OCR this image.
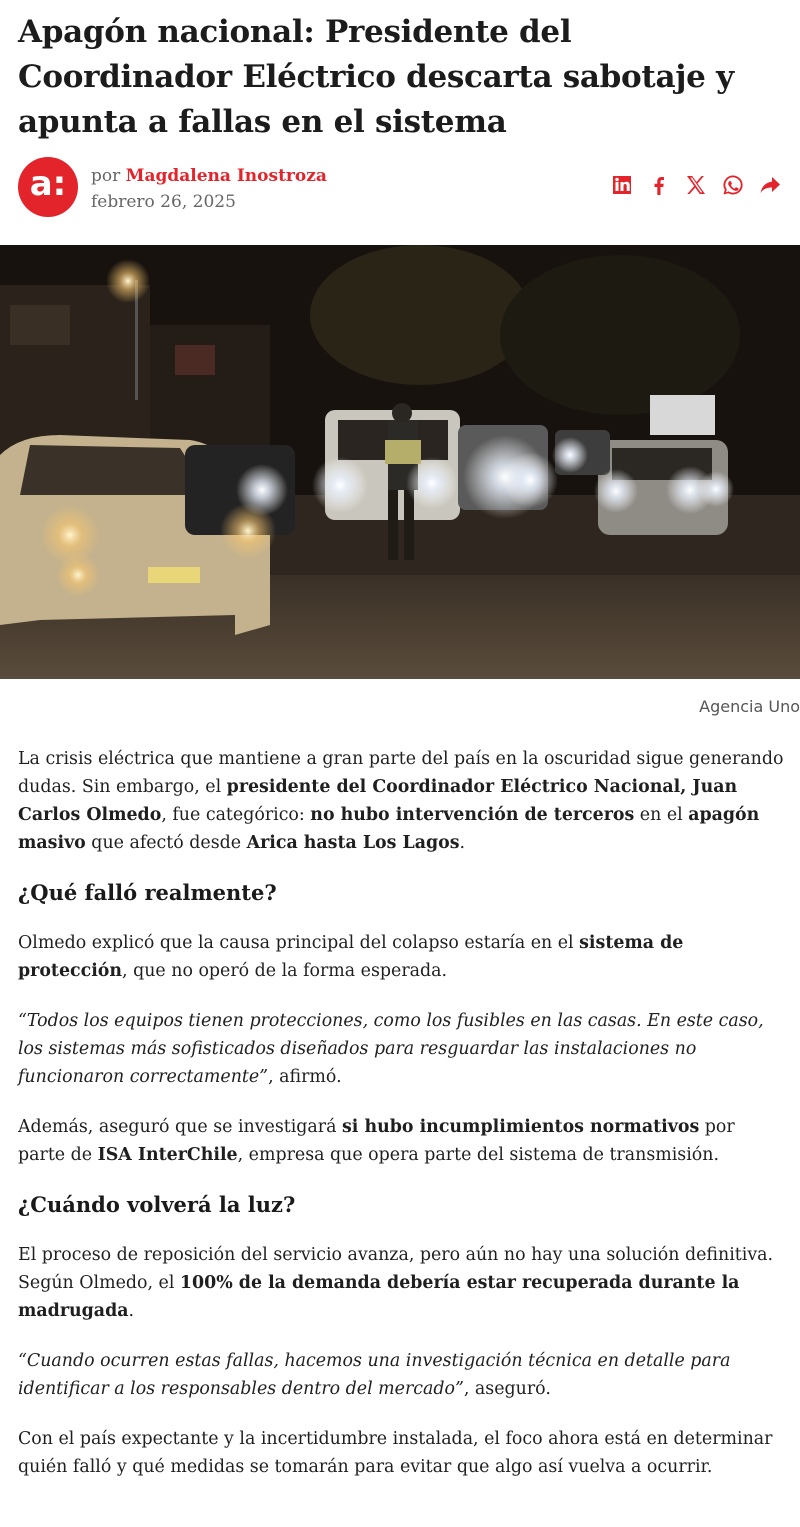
Apagón nacional: Presidente del Coordinador Eléctrico descarta sabotaje y apunta a fallas en el sistema
a:	por Magdalena Inostroza
febrero 26, 2025
Agencia Uno

La crisis eléctrica que mantiene a gran parte del país en la oscuridad sigue generando dudas. Sin embargo, el presidente del Coordinador Eléctrico Nacional, Juan Carlos Olmedo, fue categórico: no hubo intervención de terceros en el apagón masivo que afectó desde Arica hasta Los Lagos.

¿Qué falló realmente?

Olmedo explicó que la causa principal del colapso estaría en el sistema de protección, que no operó de la forma esperada.

“Todos los equipos tienen protecciones, como los fusibles en las casas. En este caso, los sistemas más sofisticados diseñados para resguardar las instalaciones no funcionaron correctamente”, afirmó.

Además, aseguró que se investigará si hubo incumplimientos normativos por parte de ISA InterChile, empresa que opera parte del sistema de transmisión.

¿Cuándo volverá la luz?

El proceso de reposición del servicio avanza, pero aún no hay una solución definitiva. Según Olmedo, el 100% de la demanda debería estar recuperada durante la madrugada.

“Cuando ocurren estas fallas, hacemos una investigación técnica en detalle para identificar a los responsables dentro del mercado”, aseguró.

Con el país expectante y la incertidumbre instalada, el foco ahora está en determinar quién falló y qué medidas se tomarán para evitar que algo así vuelva a ocurrir.
